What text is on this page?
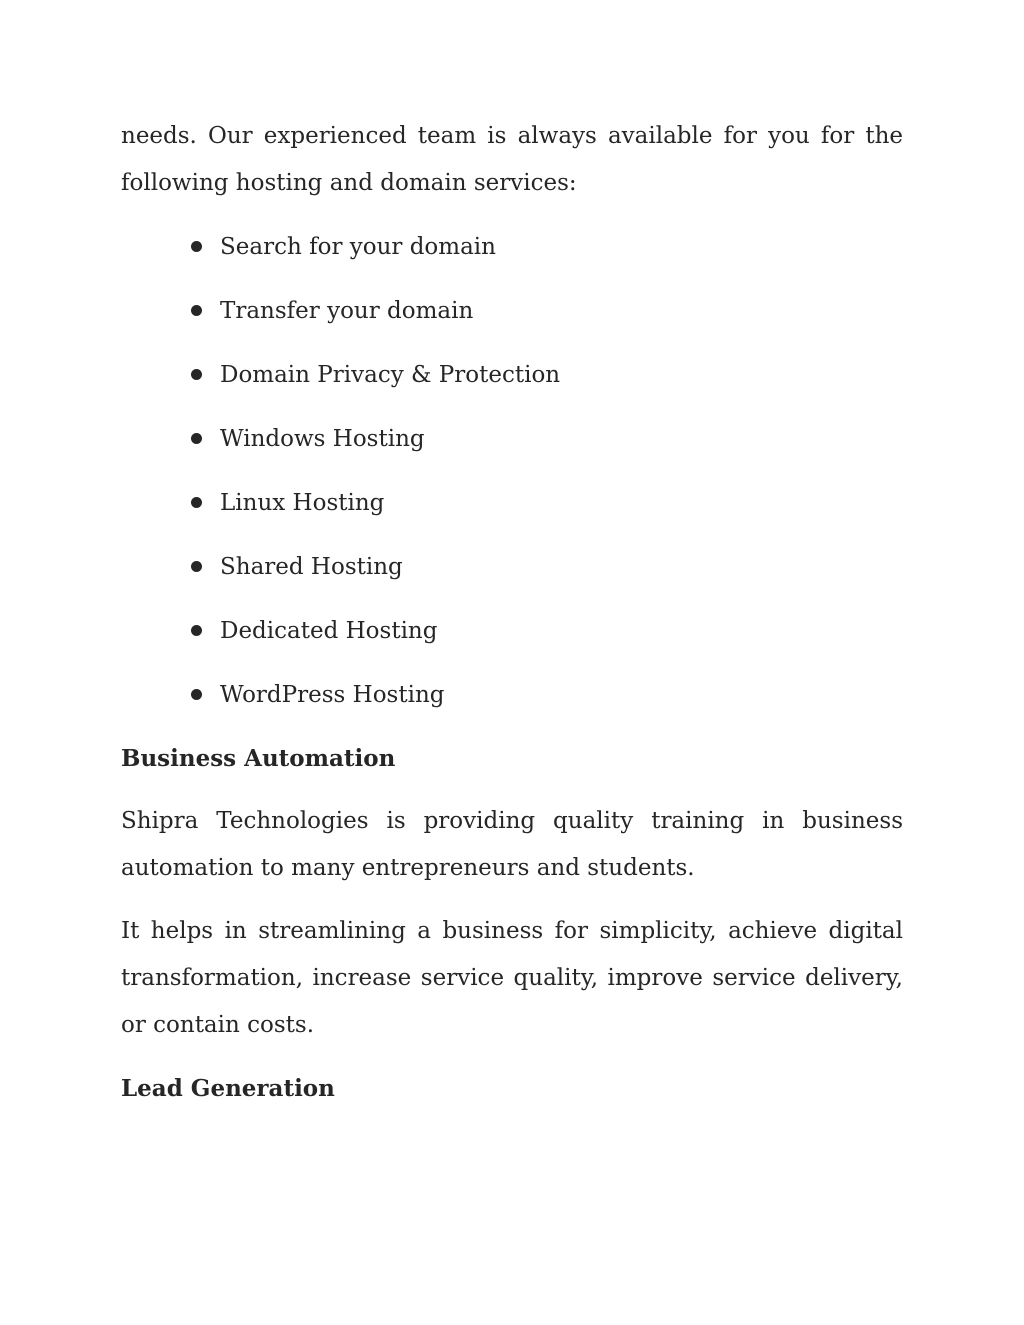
needs. Our experienced team is always available for you for the following hosting and domain services:

Search for your domain
Transfer your domain
Domain Privacy & Protection
Windows Hosting
Linux Hosting
Shared Hosting
Dedicated Hosting
WordPress Hosting
Business Automation

Shipra Technologies is providing quality training in business automation to many entrepreneurs and students.

It helps in streamlining a business for simplicity, achieve digital transformation, increase service quality, improve service delivery, or contain costs.

Lead Generation
